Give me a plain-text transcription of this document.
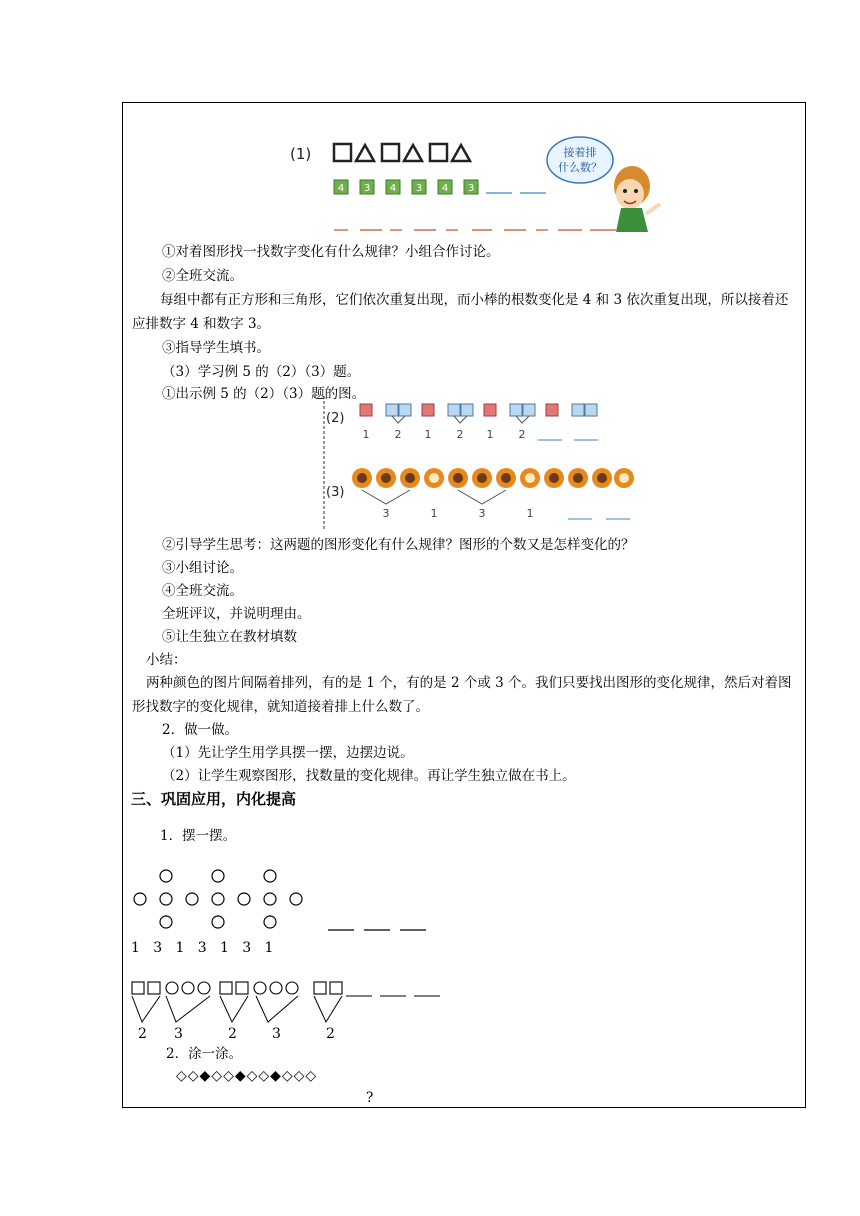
(1)
4 3 4 3 4 3
接着排
什么数？
①对着图形找一找数字变化有什么规律？小组合作讨论。
②全班交流。
每组中都有正方形和三角形，它们依次重复出现，而小棒的根数变化是 4 和 3 依次重复出现，所以接着还应排数字 4 和数字 3。
③指导学生填书。
（3）学习例 5 的（2）（3）题。
①出示例 5 的（2）（3）题的图。
(2)
1 2 1 2 1 2
(3)
3	1	3	1
②引导学生思考：这两题的图形变化有什么规律？图形的个数又是怎样变化的？
③小组讨论。
④全班交流。
全班评议，并说明理由。
⑤让生独立在教材填数
小结：
两种颜色的图片间隔着排列，有的是 1 个，有的是 2 个或 3 个。我们只要找出图形的变化规律，然后对着图形找数字的变化规律，就知道接着排上什么数了。
2．做一做。
（1）先让学生用学具摆一摆，边摆边说。
（2）让学生观察图形，找数量的变化规律。再让学生独立做在书上。
三、巩固应用，内化提高
1．摆一摆。
1   3   1   3   1   3   1
2 3	2	3	2
2．涂一涂。
◇◇◆◇◇◆◇◇◆◇◇◇
?
